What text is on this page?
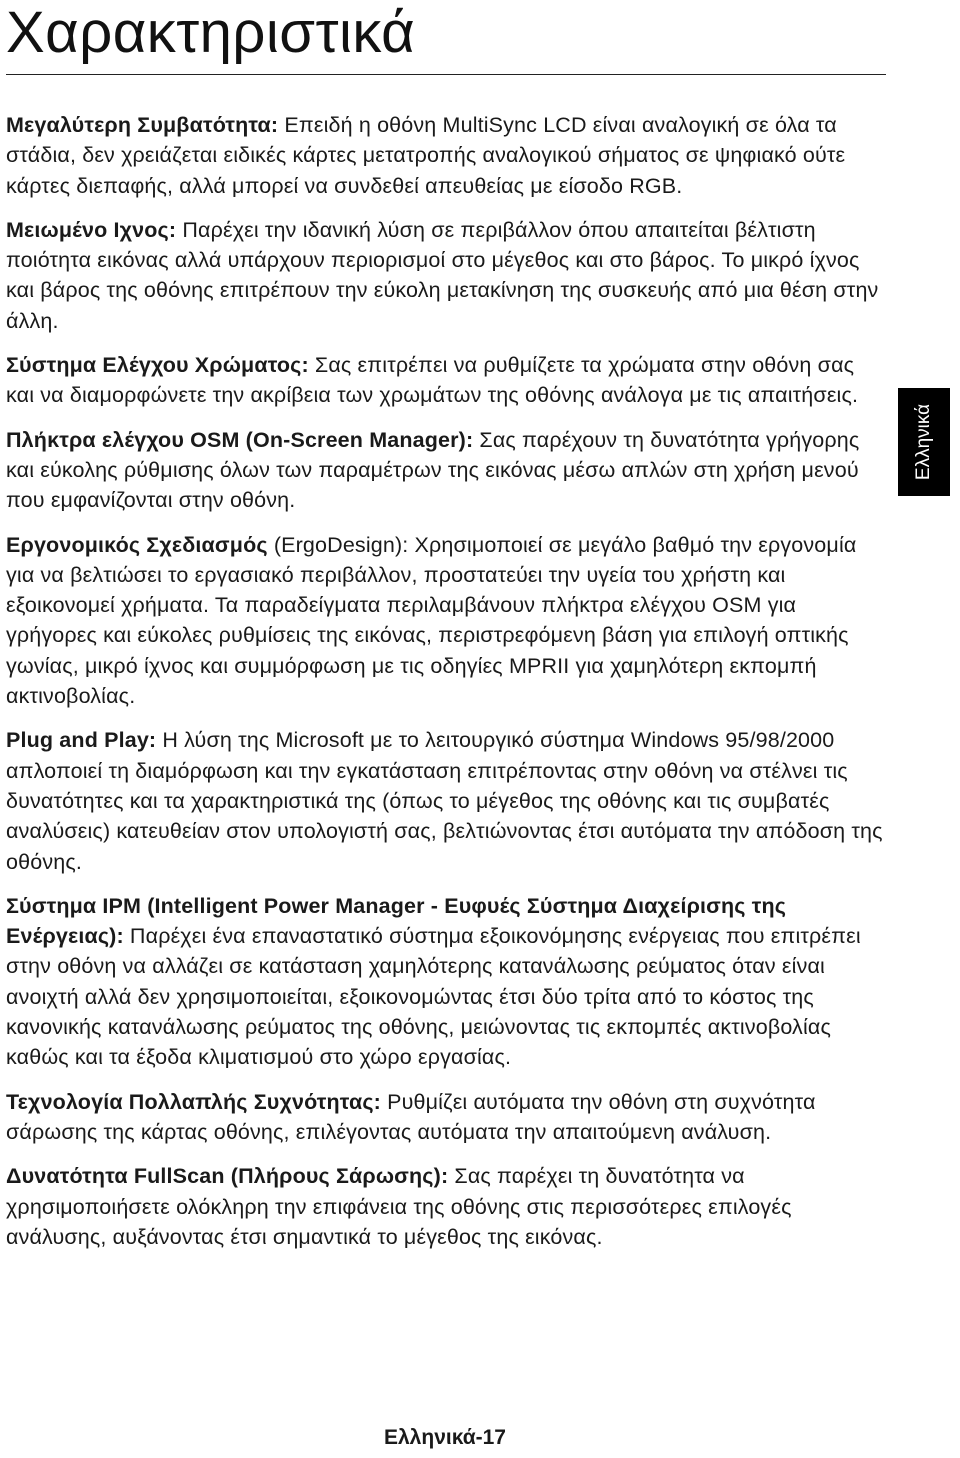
Χαρακτηριστικά

Μεγαλύτερη Συμβατότητα: Επειδή η οθόνη MultiSync LCD είναι αναλογική σε όλα τα στάδια, δεν χρειάζεται ειδικές κάρτες μετατροπής αναλογικού σήματος σε ψηφιακό ούτε κάρτες διεπαφής, αλλά μπορεί να συνδεθεί απευθείας με είσοδο RGB.

Μειωμένο Ιχνος: Παρέχει την ιδανική λύση σε περιβάλλον όπου απαιτείται βέλτιστη ποιότητα εικόνας αλλά υπάρχουν περιορισμοί στο μέγεθος και στο βάρος. Το μικρό ίχνος και βάρος της οθόνης επιτρέπουν την εύκολη μετακίνηση της συσκευής από μια θέση στην άλλη.

Σύστημα Ελέγχου Χρώματος: Σας επιτρέπει να ρυθμίζετε τα χρώματα στην οθόνη σας και να διαμορφώνετε την ακρίβεια των χρωμάτων της οθόνης ανάλογα με τις απαιτήσεις.

Πλήκτρα ελέγχου OSM (On-Screen Manager): Σας παρέχουν τη δυνατότητα γρήγορης και εύκολης ρύθμισης όλων των παραμέτρων της εικόνας μέσω απλών στη χρήση μενού που εμφανίζονται στην οθόνη.

Εργονομικός Σχεδιασμός (ErgoDesign): Χρησιμοποιεί σε μεγάλο βαθμό την εργονομία για να βελτιώσει το εργασιακό περιβάλλον, προστατεύει την υγεία του χρήστη και εξοικονομεί χρήματα. Τα παραδείγματα περιλαμβάνουν πλήκτρα ελέγχου OSM για γρήγορες και εύκολες ρυθμίσεις της εικόνας, περιστρεφόμενη βάση για επιλογή οπτικής γωνίας, μικρό ίχνος και συμμόρφωση με τις οδηγίες MPRII για χαμηλότερη εκπομπή ακτινοβολίας.

Plug and Play: Η λύση της Microsoft με το λειτουργικό σύστημα Windows 95/98/2000 απλοποιεί τη διαμόρφωση και την εγκατάσταση επιτρέποντας στην οθόνη να στέλνει τις δυνατότητες και τα χαρακτηριστικά της (όπως το μέγεθος της οθόνης και τις συμβατές αναλύσεις) κατευθείαν στον υπολογιστή σας, βελτιώνοντας έτσι αυτόματα την απόδοση της οθόνης.

Σύστημα IPM (Intelligent Power Manager - Ευφυές Σύστημα Διαχείρισης της Ενέργειας): Παρέχει ένα επαναστατικό σύστημα εξοικονόμησης ενέργειας που επιτρέπει στην οθόνη να αλλάζει σε κατάσταση χαμηλότερης κατανάλωσης ρεύματος όταν είναι ανοιχτή αλλά δεν χρησιμοποιείται, εξοικονομώντας έτσι δύο τρίτα από το κόστος της κανονικής κατανάλωσης ρεύματος της οθόνης, μειώνοντας τις εκπομπές ακτινοβολίας καθώς και τα έξοδα κλιματισμού στο χώρο εργασίας.

Τεχνολογία Πολλαπλής Συχνότητας: Ρυθμίζει αυτόματα την οθόνη στη συχνότητα σάρωσης της κάρτας οθόνης, επιλέγοντας αυτόματα την απαιτούμενη ανάλυση.

Δυνατότητα FullScan (Πλήρους Σάρωσης): Σας παρέχει τη δυνατότητα να χρησιμοποιήσετε ολόκληρη την επιφάνεια της οθόνης στις περισσότερες επιλογές ανάλυσης, αυξάνοντας έτσι σημαντικά το μέγεθος της εικόνας.

Ελληνικά
Ελληνικά-17
